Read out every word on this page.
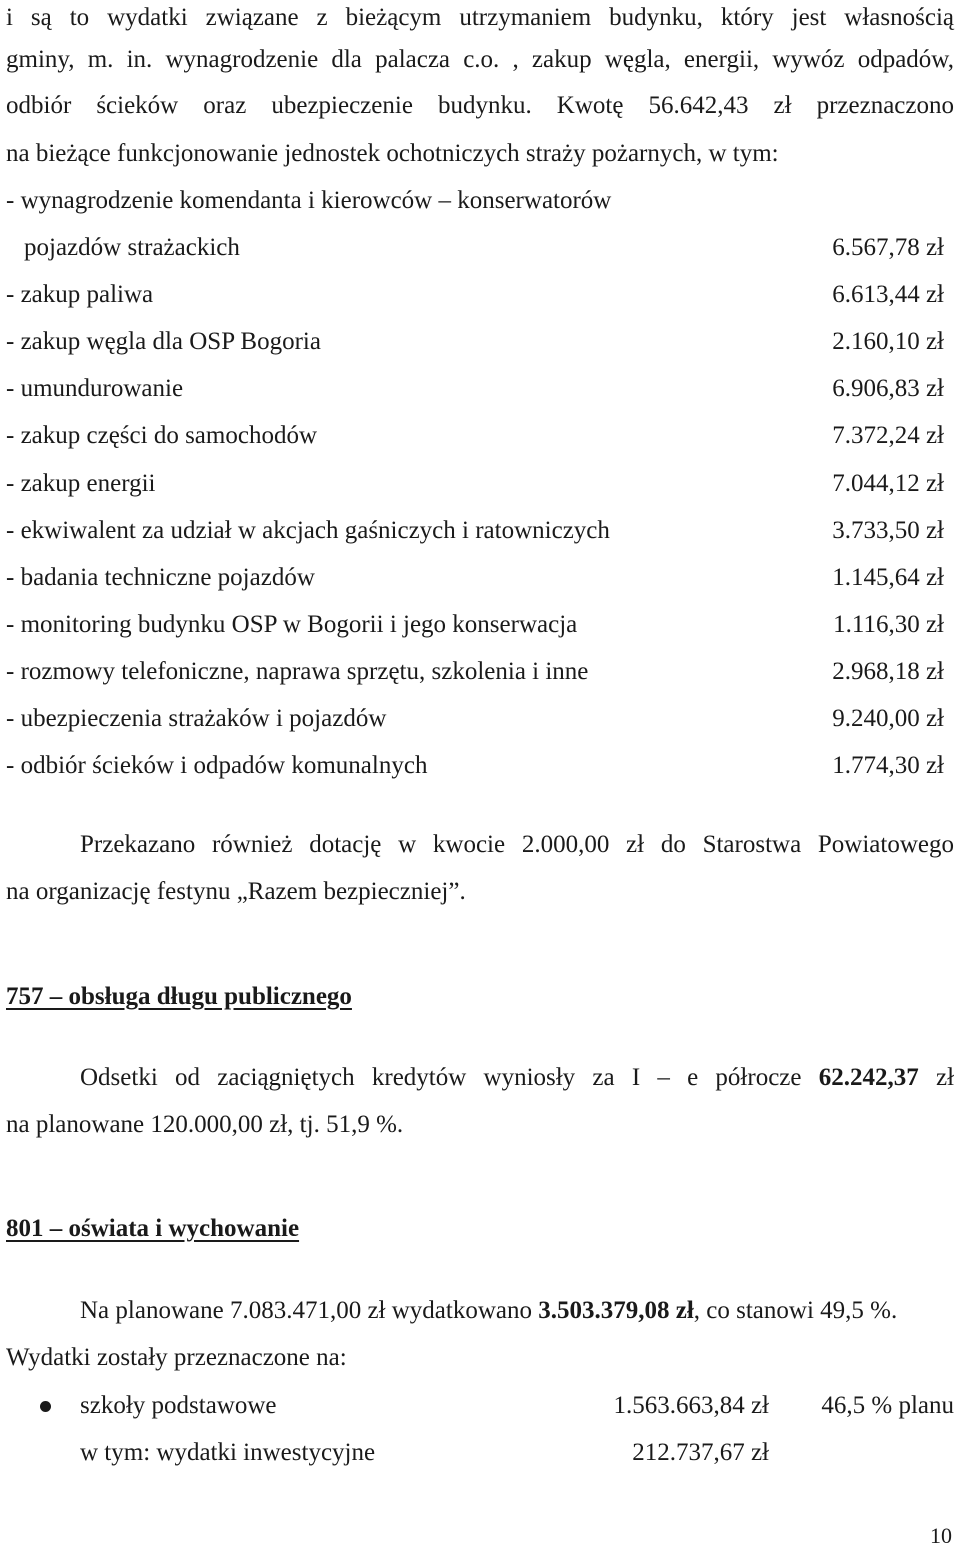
i są to wydatki związane z bieżącym utrzymaniem budynku, który jest własnością
gminy, m. in. wynagrodzenie dla palacza c.o. , zakup węgla, energii, wywóz odpadów,
odbiór ścieków oraz ubezpieczenie budynku. Kwotę 56.642,43 zł przeznaczono
na bieżące funkcjonowanie jednostek ochotniczych straży pożarnych, w tym:
- wynagrodzenie komendanta i kierowców – konserwatorów
pojazdów strażackich	6.567,78 zł
- zakup paliwa	6.613,44 zł
- zakup węgla dla OSP Bogoria	2.160,10 zł
- umundurowanie	6.906,83 zł
- zakup części do samochodów	7.372,24 zł
- zakup energii	7.044,12 zł
- ekwiwalent za udział w akcjach gaśniczych i ratowniczych	3.733,50 zł
- badania techniczne pojazdów	1.145,64 zł
- monitoring budynku OSP w Bogorii i jego konserwacja	1.116,30 zł
- rozmowy telefoniczne, naprawa sprzętu, szkolenia i inne	2.968,18 zł
- ubezpieczenia strażaków i pojazdów	9.240,00 zł
- odbiór ścieków i odpadów komunalnych	1.774,30 zł
Przekazano również dotację w kwocie 2.000,00 zł do Starostwa Powiatowego
na organizację festynu „Razem bezpieczniej”.
757 – obsługa długu publicznego
Odsetki od zaciągniętych kredytów wyniosły za I – e półrocze 62.242,37 zł
na planowane 120.000,00 zł, tj. 51,9 %.
801 – oświata i wychowanie
Na planowane 7.083.471,00 zł wydatkowano 3.503.379,08 zł, co stanowi 49,5 %.
Wydatki zostały przeznaczone na:
szkoły podstawowe	1.563.663,84 zł 46,5 % planu
w tym: wydatki inwestycyjne	212.737,67 zł
10
